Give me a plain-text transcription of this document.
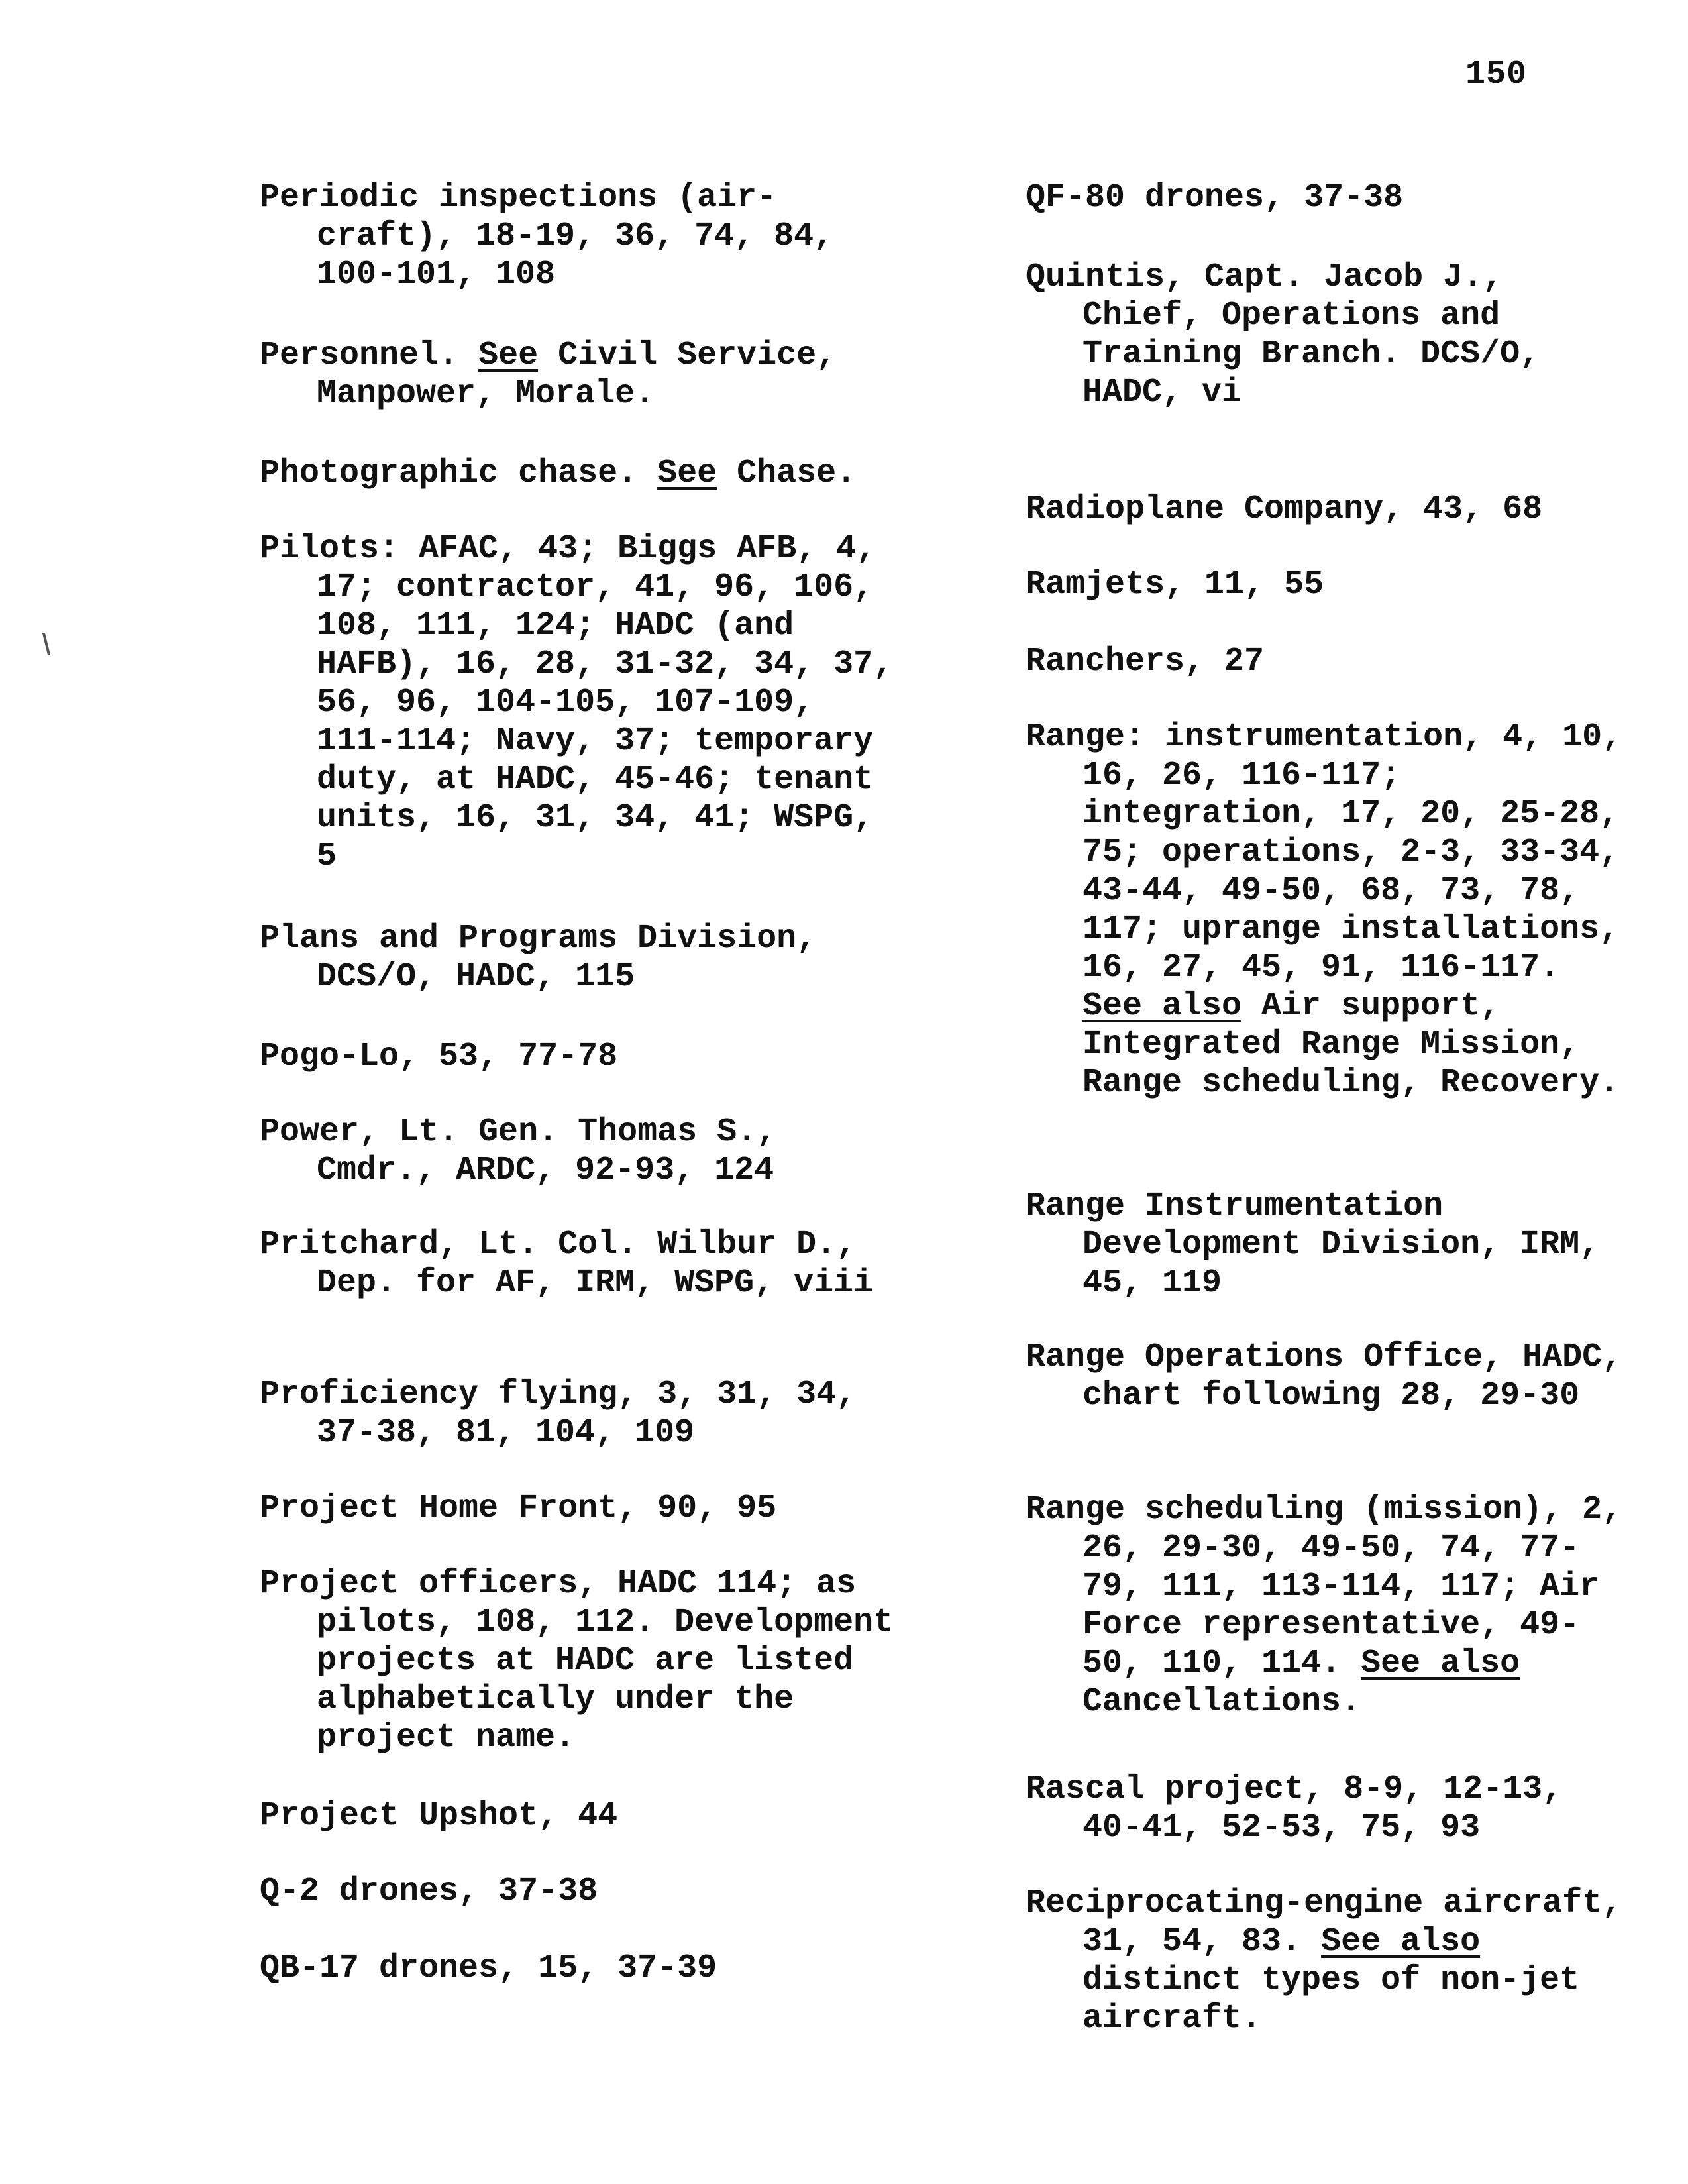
150
Periodic inspections (air-craft), 18-19, 36, 74, 84, 100-101, 108
Personnel. See Civil Service, Manpower, Morale.
Photographic chase. See Chase.
Pilots: AFAC, 43; Biggs AFB, 4, 17; contractor, 41, 96, 106, 108, 111, 124; HADC (and HAFB), 16, 28, 31-32, 34, 37, 56, 96, 104-105, 107-109, 111-114; Navy, 37; temporary duty, at HADC, 45-46; tenant units, 16, 31, 34, 41; WSPG, 5
Plans and Programs Division, DCS/O, HADC, 115
Pogo-Lo, 53, 77-78
Power, Lt. Gen. Thomas S., Cmdr., ARDC, 92-93, 124
Pritchard, Lt. Col. Wilbur D., Dep. for AF, IRM, WSPG, viii
Proficiency flying, 3, 31, 34, 37-38, 81, 104, 109
Project Home Front, 90, 95
Project officers, HADC 114; as pilots, 108, 112. Development projects at HADC are listed alphabetically under the project name.
Project Upshot, 44
Q-2 drones, 37-38
QB-17 drones, 15, 37-39
QF-80 drones, 37-38
Quintis, Capt. Jacob J., Chief, Operations and Training Branch. DCS/O, HADC, vi
Radioplane Company, 43, 68
Ramjets, 11, 55
Ranchers, 27
Range: instrumentation, 4, 10, 16, 26, 116-117; integration, 17, 20, 25-28, 75; operations, 2-3, 33-34, 43-44, 49-50, 68, 73, 78, 117; uprange installations, 16, 27, 45, 91, 116-117. See also Air support, Integrated Range Mission, Range scheduling, Recovery.
Range Instrumentation Development Division, IRM, 45, 119
Range Operations Office, HADC, chart following 28, 29-30
Range scheduling (mission), 2, 26, 29-30, 49-50, 74, 77-79, 111, 113-114, 117; Air Force representative, 49-50, 110, 114. See also Cancellations.
Rascal project, 8-9, 12-13, 40-41, 52-53, 75, 93
Reciprocating-engine aircraft, 31, 54, 83. See also distinct types of non-jet aircraft.
